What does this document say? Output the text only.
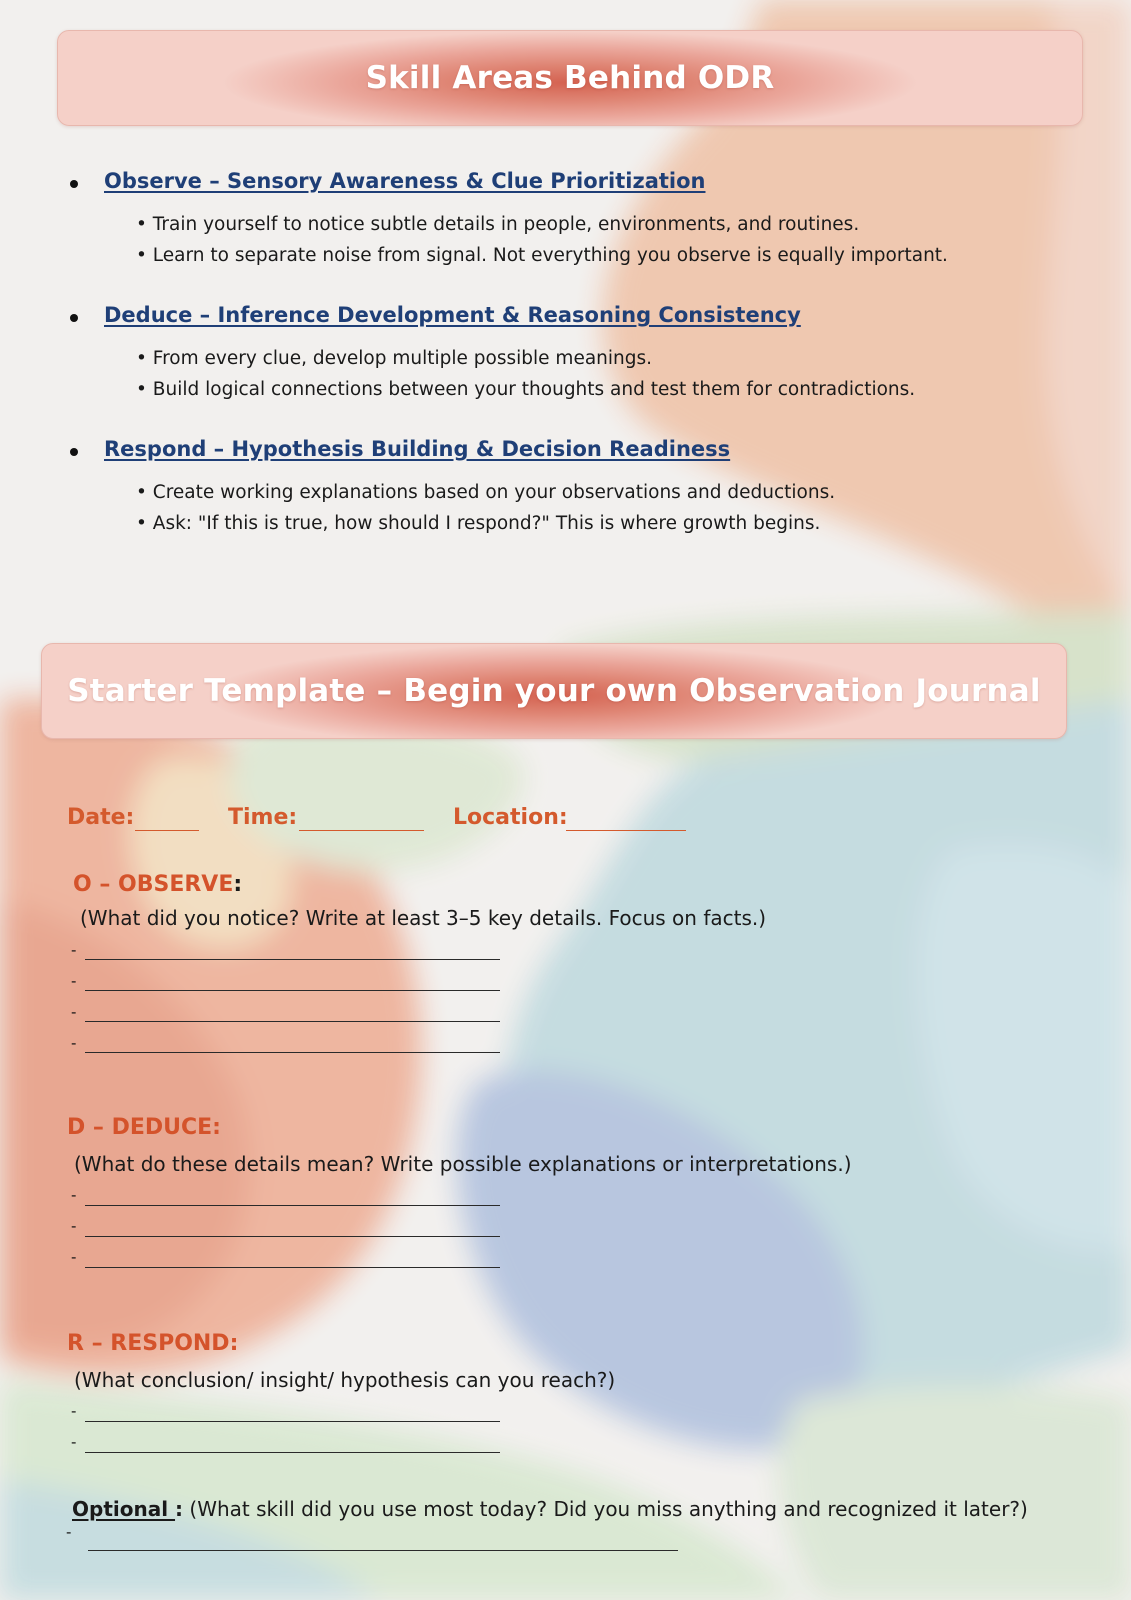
Skill Areas Behind ODR
Observe – Sensory Awareness & Clue Prioritization
• Train yourself to notice subtle details in people, environments, and routines.
• Learn to separate noise from signal. Not everything you observe is equally important.
Deduce – Inference Development & Reasoning Consistency
• From every clue, develop multiple possible meanings.
• Build logical connections between your thoughts and test them for contradictions.
Respond – Hypothesis Building & Decision Readiness
• Create working explanations based on your observations and deductions.
• Ask: "If this is true, how should I respond?" This is where growth begins.
Starter Template – Begin your own Observation Journal
Date:	Time:	Location:
O – OBSERVE:
(What did you notice? Write at least 3–5 key details. Focus on facts.)
-
-
-
-
D – DEDUCE:
(What do these details mean? Write possible explanations or interpretations.)
-
-
-
R – RESPOND:
(What conclusion/ insight/ hypothesis can you reach?)
-
-
Optional : (What skill did you use most today? Did you miss anything and recognized it later?)
-
